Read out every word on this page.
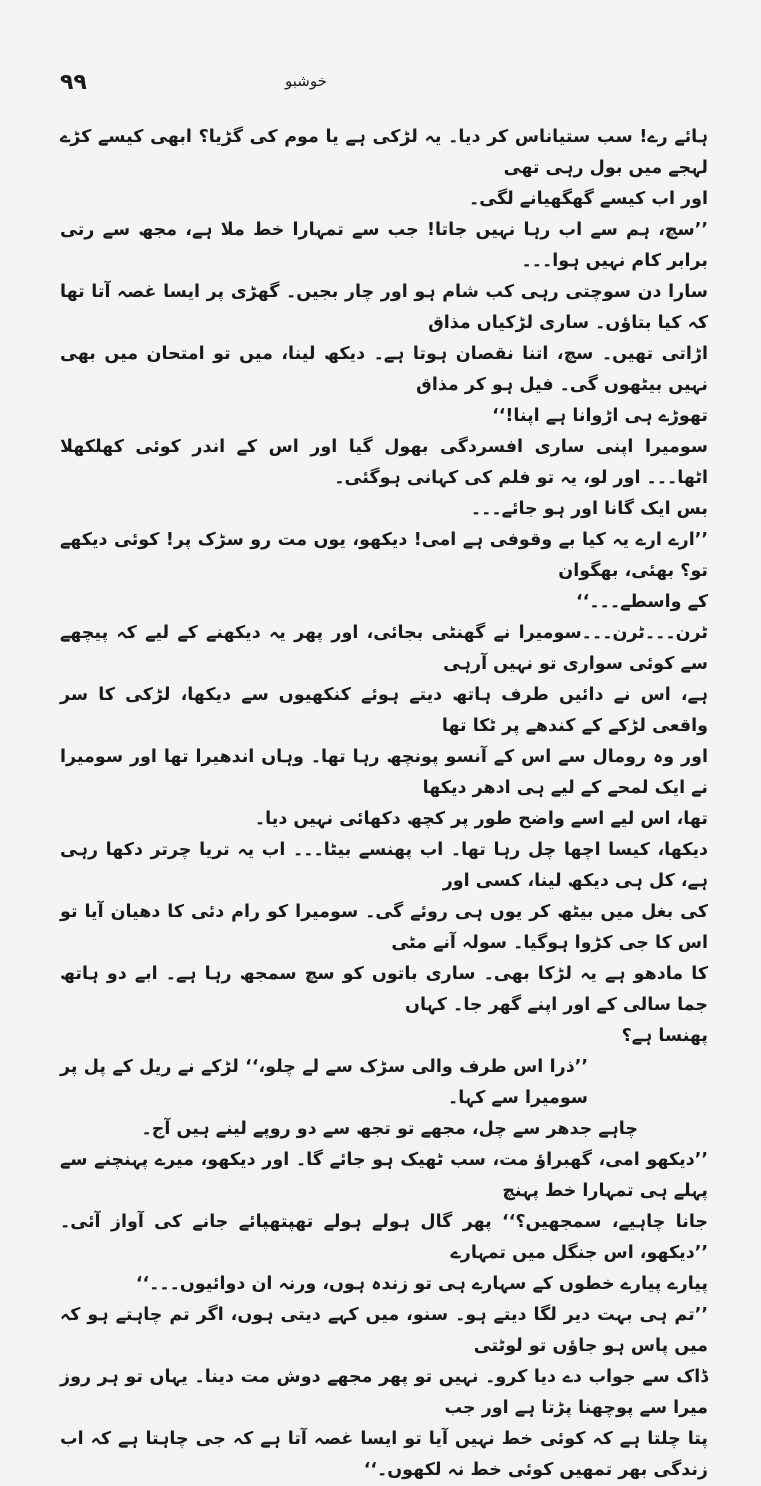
۹۹	خوشبو

ہائے رے! سب ستیاناس کر دیا۔ یہ لڑکی ہے یا موم کی گڑیا؟ ابھی کیسے کڑے لہجے میں بول رہی تھی
اور اب کیسے گھگھیانے لگی۔

’’سچ، ہم سے اب رہا نہیں جاتا! جب سے تمہارا خط ملا ہے، مجھ سے رتی برابر کام نہیں ہوا۔۔۔
سارا دن سوچتی رہی کب شام ہو اور چار بجیں۔ گھڑی پر ایسا غصہ آتا تھا کہ کیا بتاؤں۔ ساری لڑکیاں مذاق
اڑاتی تھیں۔ سچ، اتنا نقصان ہوتا ہے۔ دیکھ لینا، میں تو امتحان میں بھی نہیں بیٹھوں گی۔ فیل ہو کر مذاق
تھوڑے ہی اڑوانا ہے اپنا!‘‘

سومیرا اپنی ساری افسردگی بھول گیا اور اس کے اندر کوئی کھلکھلا اٹھا۔۔۔ اور لو، یہ تو فلم کی کہانی ہوگئی۔
بس ایک گانا اور ہو جائے۔۔۔

’’ارے ارے یہ کیا بے وقوفی ہے امی! دیکھو، یوں مت رو سڑک پر! کوئی دیکھے تو؟ بھئی، بھگوان
کے واسطے۔۔۔‘‘

ٹرن۔۔۔ٹرن۔۔۔سومیرا نے گھنٹی بجائی، اور پھر یہ دیکھنے کے لیے کہ پیچھے سے کوئی سواری تو نہیں آرہی
ہے، اس نے دائیں طرف ہاتھ دیتے ہوئے کنکھیوں سے دیکھا، لڑکی کا سر واقعی لڑکے کے کندھے پر ٹکا تھا
اور وہ رومال سے اس کے آنسو پونچھ رہا تھا۔ وہاں اندھیرا تھا اور سومیرا نے ایک لمحے کے لیے ہی ادھر دیکھا
تھا، اس لیے اسے واضح طور پر کچھ دکھائی نہیں دیا۔

دیکھا، کیسا اچھا چل رہا تھا۔ اب پھنسے بیٹا۔۔۔ اب یہ تریا چرتر دکھا رہی ہے، کل ہی دیکھ لینا، کسی اور
کی بغل میں بیٹھ کر یوں ہی روئے گی۔ سومیرا کو رام دئی کا دھیان آیا تو اس کا جی کڑوا ہوگیا۔ سولہ آنے مٹی
کا مادھو ہے یہ لڑکا بھی۔ ساری باتوں کو سچ سمجھ رہا ہے۔ ابے دو ہاتھ جما سالی کے اور اپنے گھر جا۔ کہاں
پھنسا ہے؟

’’ذرا اس طرف والی سڑک سے لے چلو،‘‘ لڑکے نے ریل کے پل پر سومیرا سے کہا۔

چاہے جدھر سے چل، مجھے تو تجھ سے دو روپے لینے ہیں آج۔

’’دیکھو امی، گھبراؤ مت، سب ٹھیک ہو جائے گا۔ اور دیکھو، میرے پہنچنے سے پہلے ہی تمہارا خط پہنچ
جانا چاہیے، سمجھیں؟‘‘ پھر گال ہولے ہولے تھپتھپائے جانے کی آواز آئی۔ ’’دیکھو، اس جنگل میں تمہارے
پیارے پیارے خطوں کے سہارے ہی تو زندہ ہوں، ورنہ ان دوائیوں۔۔۔‘‘

’’تم ہی بہت دیر لگا دیتے ہو۔ سنو، میں کہے دیتی ہوں، اگر تم چاہتے ہو کہ میں پاس ہو جاؤں تو لوٹتی
ڈاک سے جواب دے دیا کرو۔ نہیں تو پھر مجھے دوش مت دینا۔ یہاں تو ہر روز میرا سے پوچھنا پڑتا ہے اور جب
پتا چلتا ہے کہ کوئی خط نہیں آیا تو ایسا غصہ آتا ہے کہ جی چاہتا ہے کہ اب زندگی بھر تمھیں کوئی خط نہ لکھوں۔‘‘
